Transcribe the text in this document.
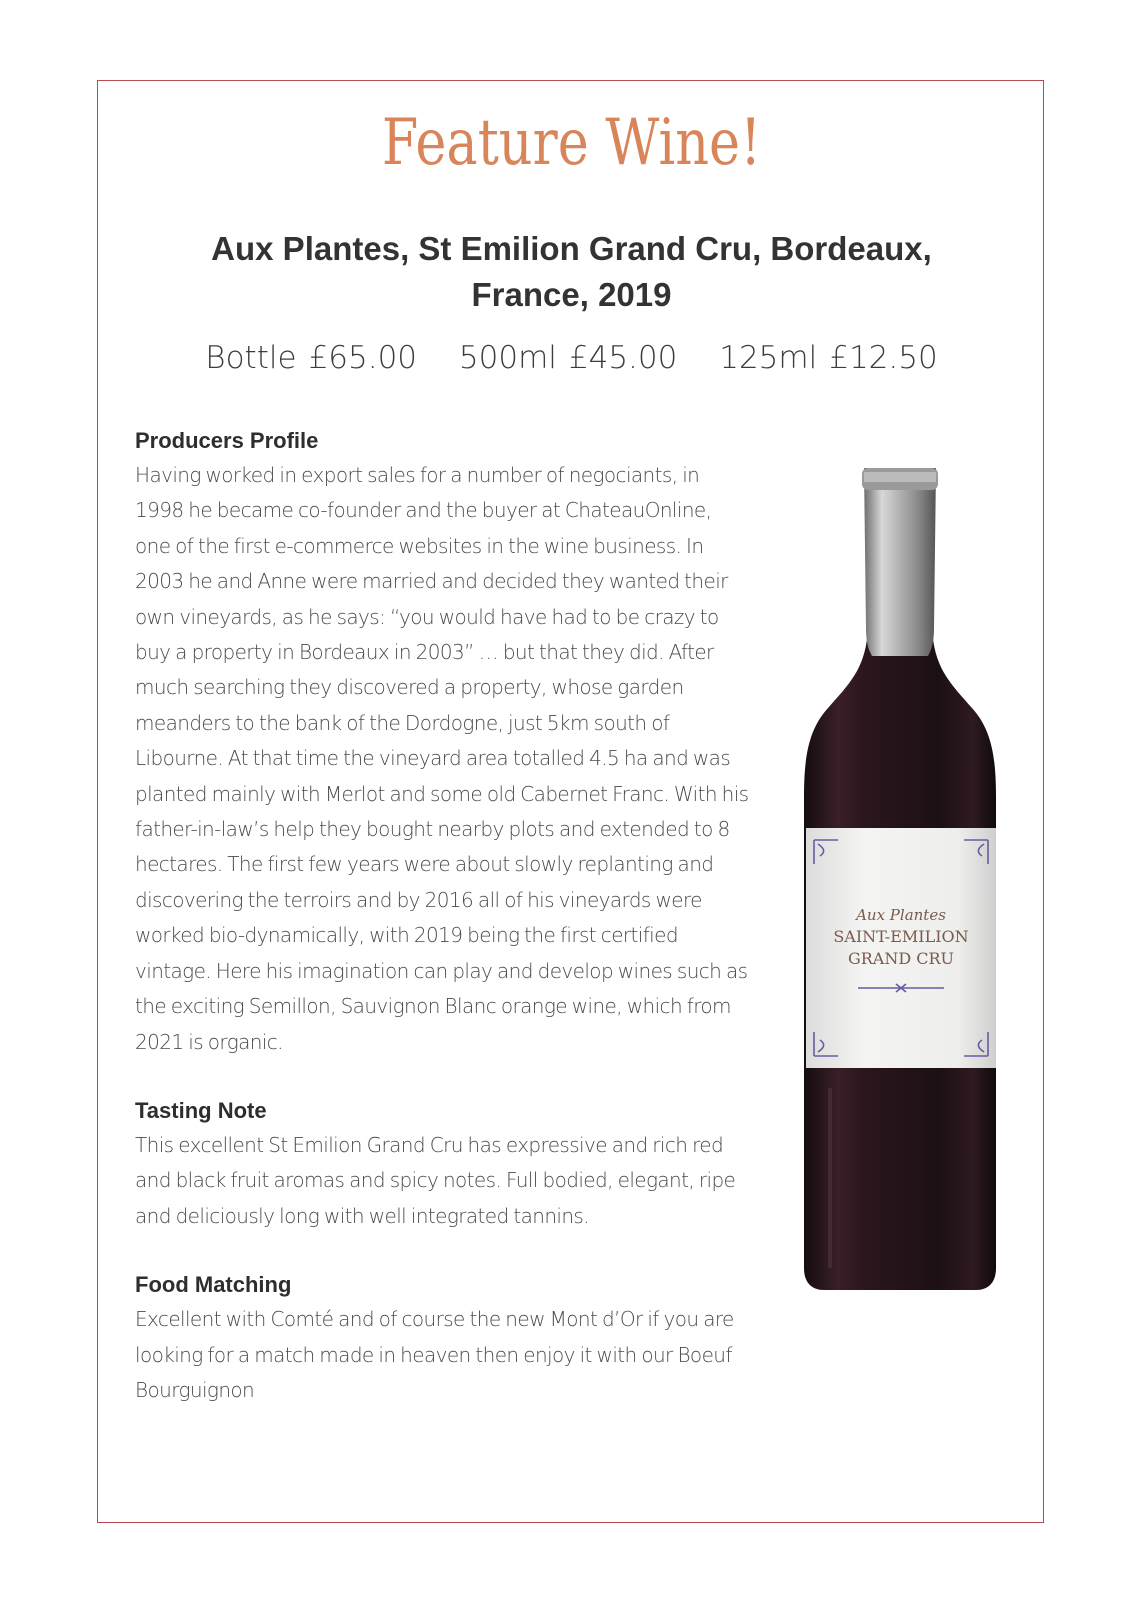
Feature Wine!
Aux Plantes, St Emilion Grand Cru, Bordeaux, France, 2019
Bottle £65.00 500ml £45.00 125ml £12.50
Producers Profile
Having worked in export sales for a number of negociants, in 1998 he became co-founder and the buyer at ChateauOnline, one of the first e-commerce websites in the wine business. In 2003 he and Anne were married and decided they wanted their own vineyards, as he says: “you would have had to be crazy to buy a property in Bordeaux in 2003” … but that they did. After much searching they discovered a property, whose garden meanders to the bank of the Dordogne, just 5km south of Libourne. At that time the vineyard area totalled 4.5 ha and was planted mainly with Merlot and some old Cabernet Franc. With his father-in-law’s help they bought nearby plots and extended to 8 hectares. The first few years were about slowly replanting and discovering the terroirs and by 2016 all of his vineyards were worked bio-dynamically, with 2019 being the first certified vintage. Here his imagination can play and develop wines such as the exciting Semillon, Sauvignon Blanc orange wine, which from 2021 is organic.
Tasting Note
This excellent St Emilion Grand Cru has expressive and rich red and black fruit aromas and spicy notes. Full bodied, elegant, ripe and deliciously long with well integrated tannins.
Food Matching
Excellent with Comté and of course the new Mont d’Or if you are looking for a match made in heaven then enjoy it with our Boeuf Bourguignon
Aux Plantes
SAINT-EMILION
GRAND CRU
